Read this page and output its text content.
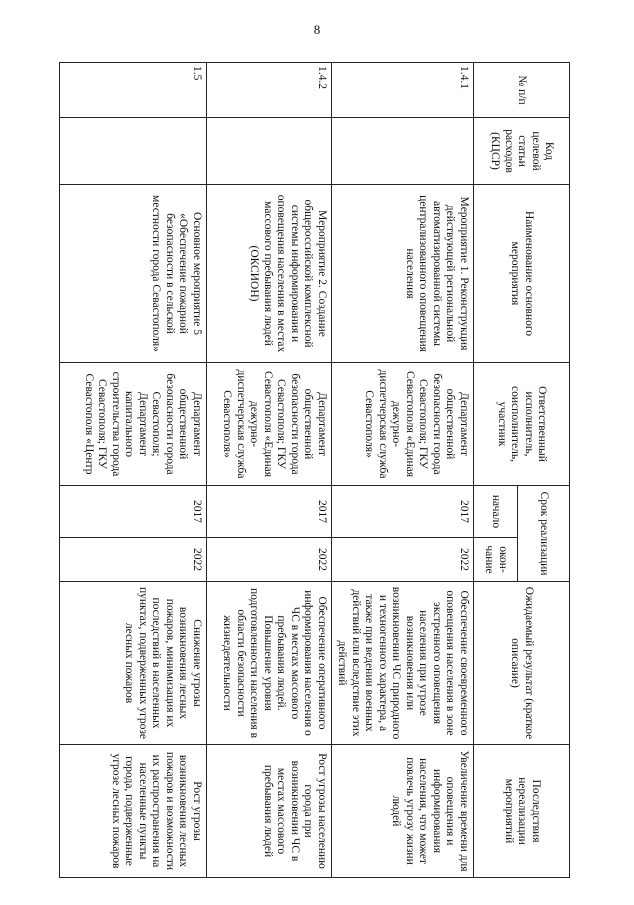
8
№ п/п	Код целевой статьи расходов (КЦСР)	Наименование основного мероприятия	Ответственный исполнитель, соисполнитель, участник	Срок реализации		Ожидаемый результат (краткое описание)	Последствия нереализации мероприятий
				начало	окон-чание		
1.4.1		Мероприятие 1. Реконструкция действующей региональной автоматизированной системы централизованного оповещения населения	Департамент общественной безопасности города Севастополя; ГКУ Севастополя «Единая дежурно-диспетчерская служба Севастополя»	2017	2022	Обеспечение своевременного оповещения населения в зоне экстренного оповещения населения при угрозе возникновения или возникновении ЧС природного и техногенного характера, а также при ведении военных действий или вследствие этих действий	Увеличение времени для оповещения и информирования населения, что может повлечь угрозу жизни людей
1.4.2		Мероприятие 2. Создание общероссийской комплексной системы информирования и оповещения населения в местах массового пребывания людей (ОКСИОН)	Департамент общественной безопасности города Севастополя; ГКУ Севастополя «Единая дежурно-диспетчерская служба Севастополя»	2017	2022	Обеспечение оперативного информирования населения о ЧС в местах массового пребывания людей. Повышение уровня подготовленности населения в области безопасности жизнедеятельности	Рост угрозы населению города при возникновении ЧС в местах массового пребывания людей
1.5		Основное мероприятие 5 «Обеспечение пожарной безопасности в сельской местности города Севастополя»	Департамент общественной безопасности города Севастополя; Департамент капитального строительства города Севастополя; ГКУ Севастополя «Центр	2017	2022	Снижение угрозы возникновения лесных пожаров, минимизация их последствий в населенных пунктах, подверженных угрозе лесных пожаров	Рост угрозы возникновения лесных пожаров и возможности их распространения на населенные пункты города, подверженные угрозе лесных пожаров
